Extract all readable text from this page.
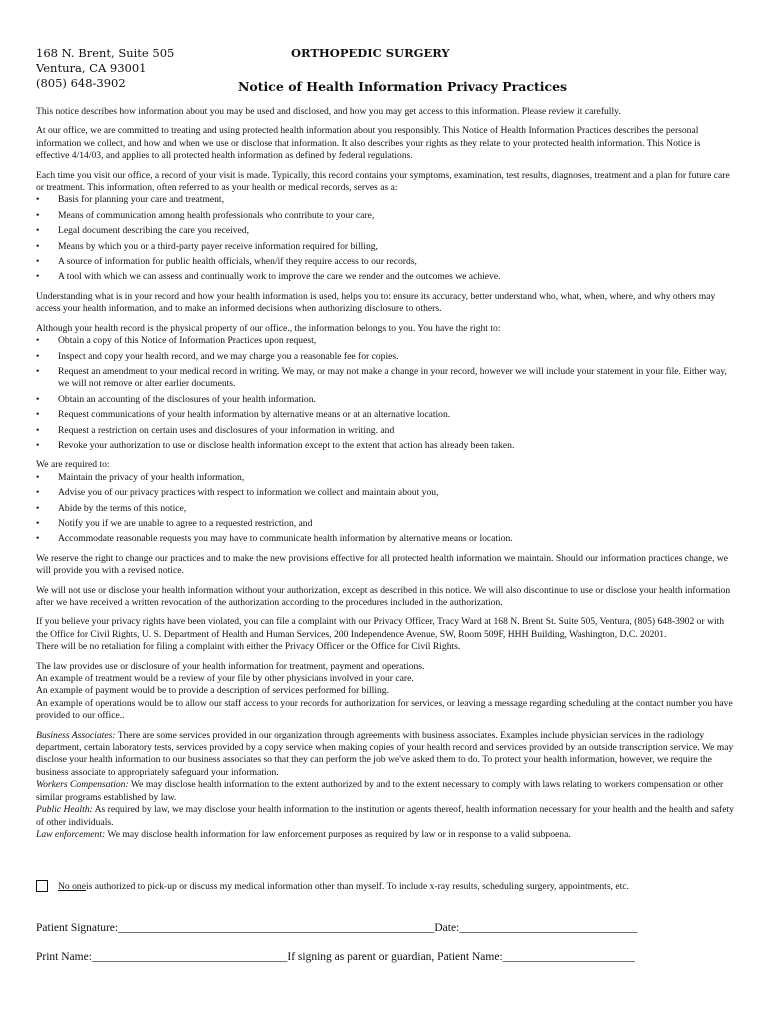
168 N. Brent, Suite 505
Ventura, CA 93001
(805) 648-3902
ORTHOPEDIC SURGERY
Notice of Health Information Privacy Practices

This notice describes how information about you may be used and disclosed, and how you may get access to this information. Please review it carefully.

At our office, we are committed to treating and using protected health information about you responsibly. This Notice of Health Information Practices describes the personal information we collect, and how and when we use or disclose that information. It also describes your rights as they relate to your protected health information. This Notice is effective 4/14/03, and applies to all protected health information as defined by federal regulations.

Each time you visit our office, a record of your visit is made. Typically, this record contains your symptoms, examination, test results, diagnoses, treatment and a plan for future care or treatment. This information, often referred to as your health or medical records, serves as a:

• Basis for planning your care and treatment,
• Means of communication among health professionals who contribute to your care,
• Legal document describing the care you received,
• Means by which you or a third-party payer receive information required for billing,
• A source of information for public health officials, when/if they require access to our records,
• A tool with which we can assess and continually work to improve the care we render and the outcomes we achieve.

Understanding what is in your record and how your health information is used, helps you to: ensure its accuracy, better understand who, what, when, where, and why others may access your health information, and to make an informed decisions when authorizing disclosure to others.

Although your health record is the physical property of our office., the information belongs to you. You have the right to:

• Obtain a copy of this Notice of Information Practices upon request,
• Inspect and copy your health record, and we may charge you a reasonable fee for copies.
• Request an amendment to your medical record in writing. We may, or may not make a change in your record, however we will include your statement in your file. Either way, we will not remove or alter earlier documents.
• Obtain an accounting of the disclosures of your health information.
• Request communications of your health information by alternative means or at an alternative location.
• Request a restriction on certain uses and disclosures of your information in writing. and
• Revoke your authorization to use or disclose health information except to the extent that action has already been taken.

We are required to:

• Maintain the privacy of your health information,
• Advise you of our privacy practices with respect to information we collect and maintain about you,
• Abide by the terms of this notice,
• Notify you if we are unable to agree to a requested restriction, and
• Accommodate reasonable requests you may have to communicate health information by alternative means or location.

We reserve the right to change our practices and to make the new provisions effective for all protected health information we maintain. Should our information practices change, we will provide you with a revised notice.

We will not use or disclose your health information without your authorization, except as described in this notice. We will also discontinue to use or disclose your health information after we have received a written revocation of the authorization according to the procedures included in the authorization.

If you believe your privacy rights have been violated, you can file a complaint with our Privacy Officer, Tracy Ward at 168 N. Brent St. Suite 505, Ventura, (805) 648-3902 or with the Office for Civil Rights, U. S. Department of Health and Human Services, 200 Independence Avenue, SW, Room 509F, HHH Building, Washington, D.C. 20201.

There will be no retaliation for filing a complaint with either the Privacy Officer or the Office for Civil Rights.

The law provides use or disclosure of your health information for treatment, payment and operations.
An example of treatment would be a review of your file by other physicians involved in your care.
An example of payment would be to provide a description of services performed for billing.
An example of operations would be to allow our staff access to your records for authorization for services, or leaving a message regarding scheduling at the contact number you have provided to our office..
Business Associates: There are some services provided in our organization through agreements with business associates. Examples include physician services in the radiology department, certain laboratory tests, services provided by a copy service when making copies of your health record and services provided by an outside transcription service. We may disclose your health information to our business associates so that they can perform the job we've asked them to do. To protect your health information, however, we require the business associate to appropriately safeguard your information.
Workers Compensation: We may disclose health information to the extent authorized by and to the extent necessary to comply with laws relating to workers compensation or other similar programs established by law.
Public Health: As required by law, we may disclose your health information to the institution or agents thereof, health information necessary for your health and the health and safety of other individuals.
Law enforcement: We may disclose health information for law enforcement purposes as required by law or in response to a valid subpoena.
No one is authorized to pick-up or discuss my medical information other than myself. To include x-ray results, scheduling surgery, appointments, etc.
Patient Signature:_______________________________________________________Date:_______________________________
Print Name:__________________________________If signing as parent or guardian, Patient Name:_______________________
